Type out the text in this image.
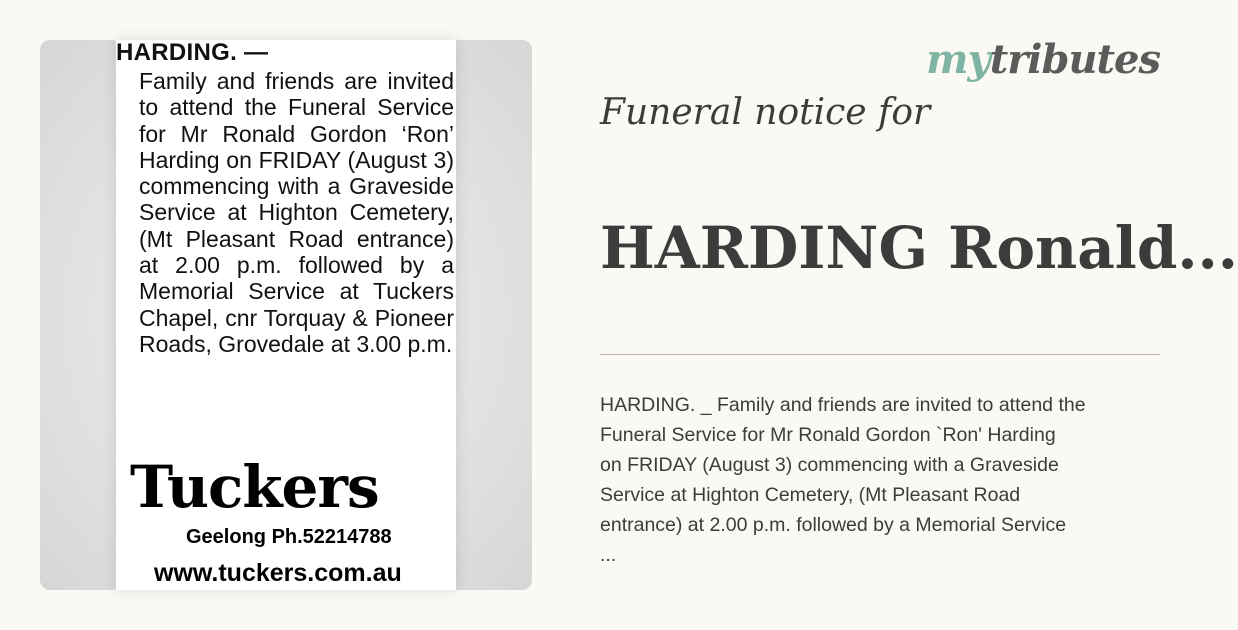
HARDING. —
Family and friends are invited to attend the Funeral Service for Mr Ronald Gordon ‘Ron’ Harding on FRIDAY (August 3) commencing with a Graveside Service at Highton Cemetery, (Mt Pleasant Road entrance) at 2.00 p.m. followed by a Memorial Service at Tuckers Chapel, cnr Torquay & Pioneer Roads, Grovedale at 3.00 p.m.
Tuckers
Geelong Ph.52214788
www.tuckers.com.au
mytributes
Funeral notice for
HARDING Ronald...

HARDING. _ Family and friends are invited to attend the

Funeral Service for Mr Ronald Gordon `Ron' Harding

on FRIDAY (August 3) commencing with a Graveside

Service at Highton Cemetery, (Mt Pleasant Road

entrance) at 2.00 p.m. followed by a Memorial Service

...
